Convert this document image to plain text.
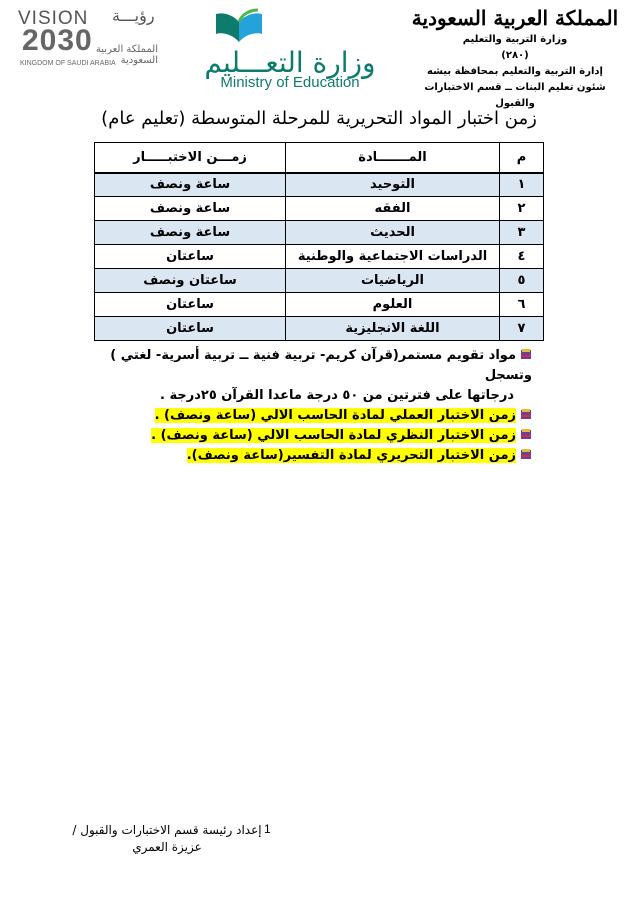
VISION رؤيـــة
2030 المملكة العربية السعودية
KINGDOM OF SAUDI ARABIA	وزارة التعـــليم
Ministry of Education
المملكة العربية السعودية
وزارة التربية والتعليم
(٢٨٠)
إدارة التربية والتعليم بمحافظة بيشه
شئون تعليم البنات ــ قسم الاختبارات والقبول
زمن اختبار المواد التحريرية للمرحلة المتوسطة (تعليم عام)
م	المـــــــادة	زمـــن الاختبـــــار
١	التوحيد	ساعة ونصف
٢	الفقه	ساعة ونصف
٣	الحديث	ساعة ونصف
٤	الدراسات الاجتماعية والوطنية	ساعتان
٥	الرياضيات	ساعتان ونصف
٦	العلوم	ساعتان
٧	اللغة الانجليزية	ساعتان
مواد تقويم مستمر(قرآن كريم- تربية فنية ــ تربية أسرية- لغتي ) وتسجل
درجاتها على فترتين من ٥٠ درجة ماعدا القرآن ٢٥درجة .
زمن الاختبار العملي لمادة الحاسب الالي (ساعة ونصف) .
زمن الاختبار النظري لمادة الحاسب الالي (ساعة ونصف) .
زمن الاختبار التحريري لمادة التفسير(ساعة ونصف).
1
إعداد رئيسة قسم الاختبارات والقبول /
عزيزة العمري
